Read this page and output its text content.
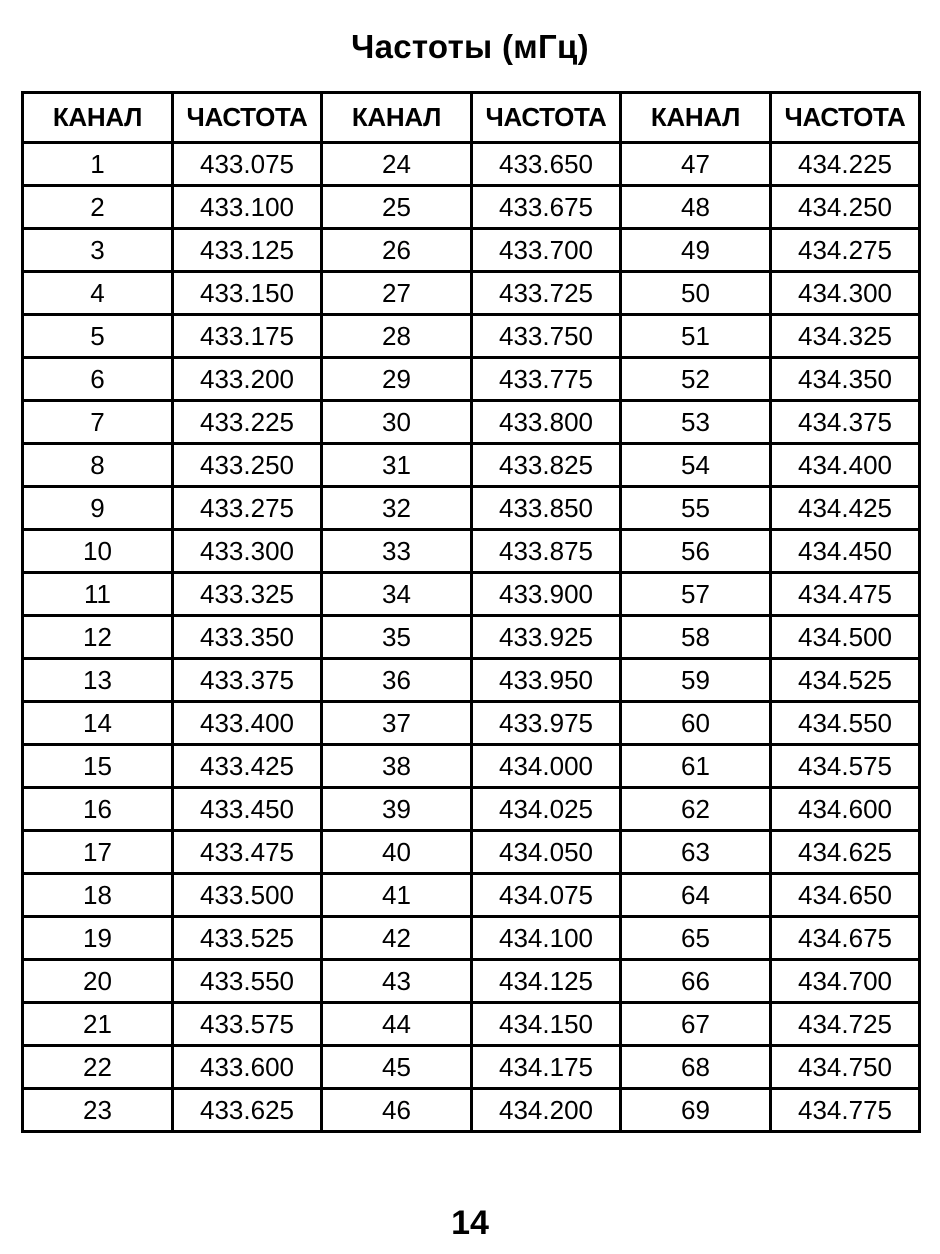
Частоты (мГц)
КАНАЛ	ЧАСТОТА	КАНАЛ	ЧАСТОТА	КАНАЛ	ЧАСТОТА
1	433.075	24	433.650	47	434.225
2	433.100	25	433.675	48	434.250
3	433.125	26	433.700	49	434.275
4	433.150	27	433.725	50	434.300
5	433.175	28	433.750	51	434.325
6	433.200	29	433.775	52	434.350
7	433.225	30	433.800	53	434.375
8	433.250	31	433.825	54	434.400
9	433.275	32	433.850	55	434.425
10	433.300	33	433.875	56	434.450
11	433.325	34	433.900	57	434.475
12	433.350	35	433.925	58	434.500
13	433.375	36	433.950	59	434.525
14	433.400	37	433.975	60	434.550
15	433.425	38	434.000	61	434.575
16	433.450	39	434.025	62	434.600
17	433.475	40	434.050	63	434.625
18	433.500	41	434.075	64	434.650
19	433.525	42	434.100	65	434.675
20	433.550	43	434.125	66	434.700
21	433.575	44	434.150	67	434.725
22	433.600	45	434.175	68	434.750
23	433.625	46	434.200	69	434.775
14
